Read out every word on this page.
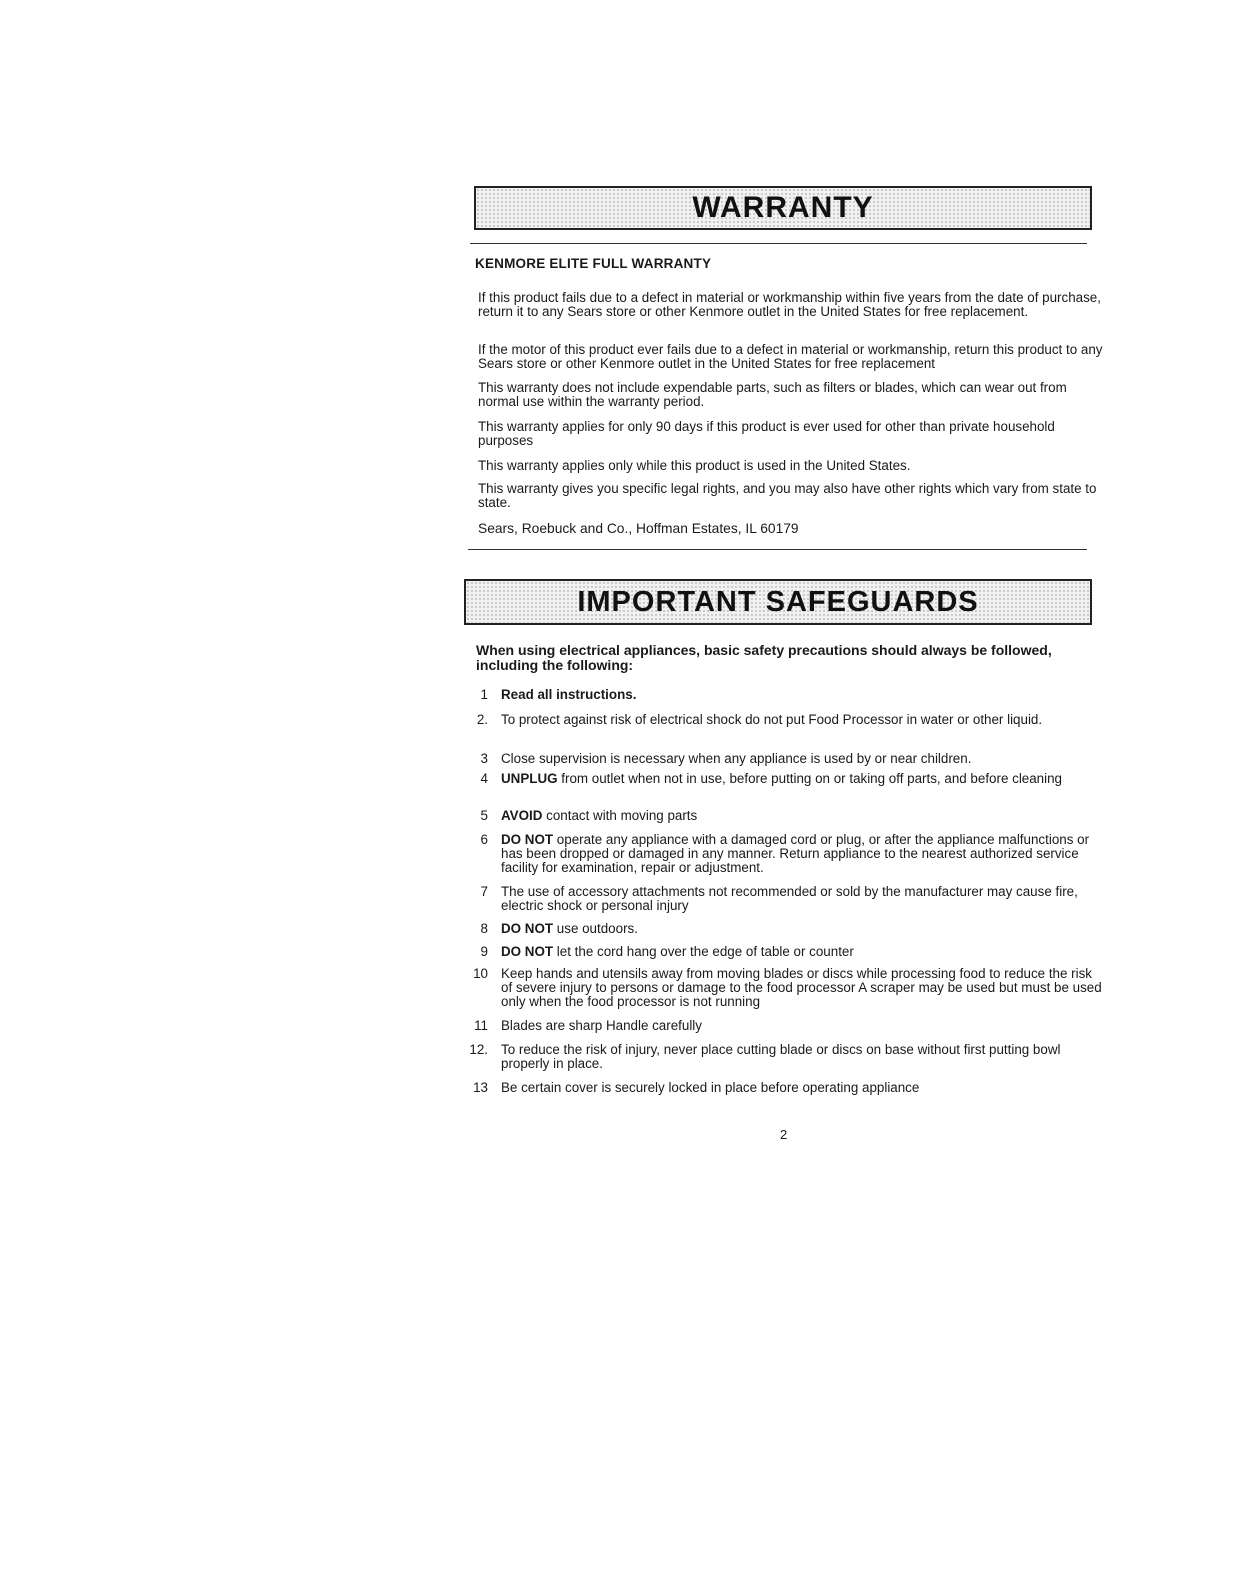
WARRANTY
KENMORE ELITE FULL WARRANTY

If this product fails due to a defect in material or workmanship within five years from the date of purchase, return it to any Sears store or other Kenmore outlet in the United States for free replacement.

If the motor of this product ever fails due to a defect in material or workmanship, return this product to any Sears store or other Kenmore outlet in the United States for free replacement

This warranty does not include expendable parts, such as filters or blades, which can wear out from normal use within the warranty period.

This warranty applies for only 90 days if this product is ever used for other than private household purposes

This warranty applies only while this product is used in the United States.

This warranty gives you specific legal rights, and you may also have other rights which vary from state to state.

Sears, Roebuck and Co., Hoffman Estates, IL 60179

IMPORTANT SAFEGUARDS

When using electrical appliances, basic safety precautions should always be followed, including the following:

1 Read all instructions.
2. To protect against risk of electrical shock do not put Food Processor in water or other liquid.
3 Close supervision is necessary when any appliance is used by or near children.
4 UNPLUG from outlet when not in use, before putting on or taking off parts, and before cleaning
5 AVOID contact with moving parts
6 DO NOT operate any appliance with a damaged cord or plug, or after the appliance malfunctions or has been dropped or damaged in any manner. Return appliance to the nearest authorized service facility for examination, repair or adjustment.
7 The use of accessory attachments not recommended or sold by the manufacturer may cause fire, electric shock or personal injury
8 DO NOT use outdoors.
9 DO NOT let the cord hang over the edge of table or counter
10 Keep hands and utensils away from moving blades or discs while processing food to reduce the risk of severe injury to persons or damage to the food processor A scraper may be used but must be used only when the food processor is not running
11 Blades are sharp Handle carefully
12. To reduce the risk of injury, never place cutting blade or discs on base without first putting bowl properly in place.
13 Be certain cover is securely locked in place before operating appliance
2
